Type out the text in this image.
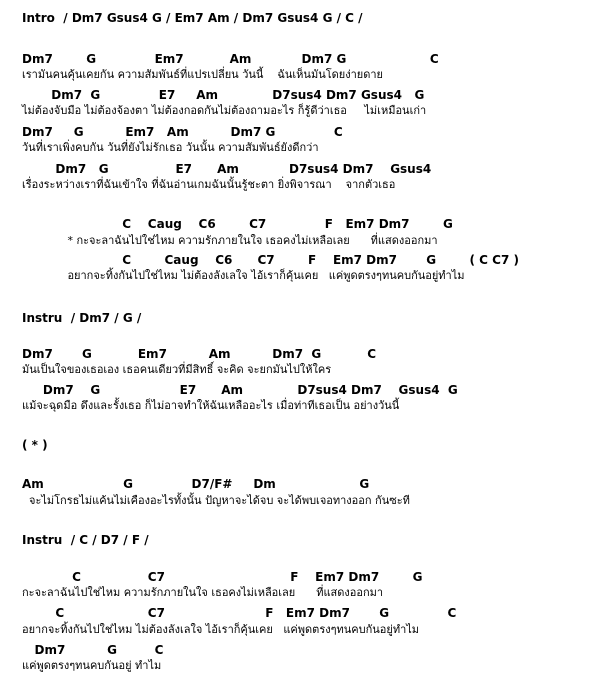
Intro  / Dm7 Gsus4 G / Em7 Am / Dm7 Gsus4 G / C /
Dm7        G              Em7           Am            Dm7 G                    C
เรามันคนคุ้นเคยกัน ความสัมพันธ์ที่แปรเปลี่ยน วันนี้    ฉันเห็นมันโดยง่ายดาย
Dm7  G              E7     Am             D7sus4 Dm7 Gsus4   G
ไม่ต้องจับมือ ไม่ต้องจ้องตา ไม่ต้องกอดกันไม่ต้องถามอะไร ก็รู้ดีว่าเธอ     ไม่เหมือนเก่า
Dm7     G          Em7   Am          Dm7 G              C
วันที่เราเพิ่งคบกัน วันที่ยังไม่รักเธอ วันนั้น ความสัมพันธ์ยังดีกว่า
Dm7   G                E7      Am            D7sus4 Dm7    Gsus4
เรื่องระหว่างเราที่ฉันเข้าใจ ที่ฉันอ่านเกมฉันนั้นรู้ชะตา ยิ่งพิจารณา    จากตัวเธอ
C    Caug    C6        C7              F   Em7 Dm7        G
* กะจะลาฉันไปใช่ไหม ความรักภายในใจ เธอคงไม่เหลือเลย      ที่แสดงออกมา
C        Caug    C6      C7        F    Em7 Dm7       G        ( C C7 )
อยากจะทิ้งกันไปใช่ไหม ไม่ต้องลังเลใจ ไอ้เราก็คุ้นเคย   แค่พูดตรงๆทนคบกันอยู่ทำไม
Instru  / Dm7 / G /
Dm7       G           Em7          Am          Dm7  G           C
มันเป็นใจของเธอเอง เธอคนเดียวที่มีสิทธิ์ จะคิด จะยกมันไปให้ใคร
Dm7    G                   E7      Am             D7sus4 Dm7    Gsus4  G
แม้จะฉุดมือ ดึงและรั้งเธอ ก็ไม่อาจทำให้ฉันเหลืออะไร เมื่อท่าทีเธอเป็น อย่างวันนี้
( * )
Am                   G              D7/F#     Dm                    G
จะไม่โกรธไม่แค้นไม่เคืองอะไรทั้งนั้น ปัญหาจะได้จบ จะได้พบเจอทางออก กันซะที
Instru  / C / D7 / F /
C                C7                              F    Em7 Dm7        G
กะจะลาฉันไปใช่ไหม ความรักภายในใจ เธอคงไม่เหลือเลย      ที่แสดงออกมา
C                    C7                        F   Em7 Dm7       G              C
อยากจะทิ้งกันไปใช่ไหม ไม่ต้องลังเลใจ ไอ้เราก็คุ้นเคย   แค่พูดตรงๆทนคบกันอยู่ทำไม
Dm7          G         C
แค่พูดตรงๆทนคบกันอยู่ ทำไม
